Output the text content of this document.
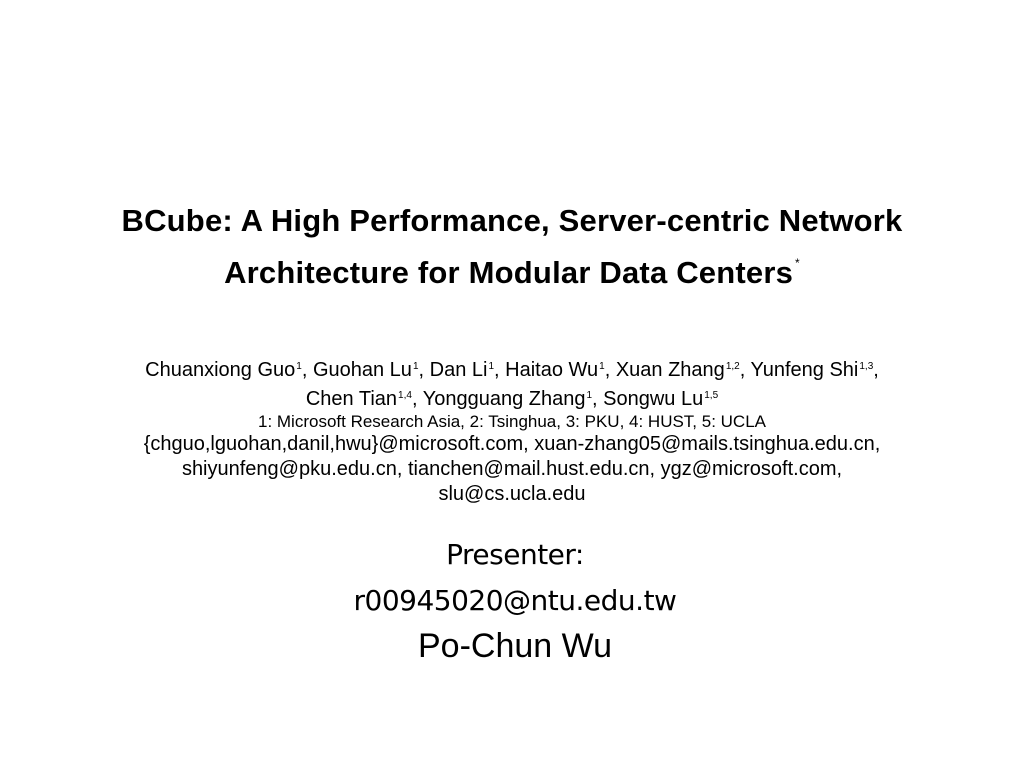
BCube: A High Performance, Server-centric Network
Architecture for Modular Data Centers *
Chuanxiong Guo$^1$, Guohan Lu$^1$, Dan Li$^1$, Haitao Wu$^1$, Xuan Zhang$^{1,2}$, Yunfeng Shi$^{1,3}$,
Chen Tian$^{1,4}$, Yongguang Zhang$^1$, Songwu Lu$^{1,5}$
1: Microsoft Research Asia, 2: Tsinghua, 3: PKU, 4: HUST, 5: UCLA
{chguo,lguohan,danil,hwu}@microsoft.com, xuan-zhang05@mails.tsinghua.edu.cn,
shiyunfeng@pku.edu.cn, tianchen@mail.hust.edu.cn, ygz@microsoft.com,
slu@cs.ucla.edu
Presenter:
r00945020@ntu.edu.tw
Po-Chun Wu
